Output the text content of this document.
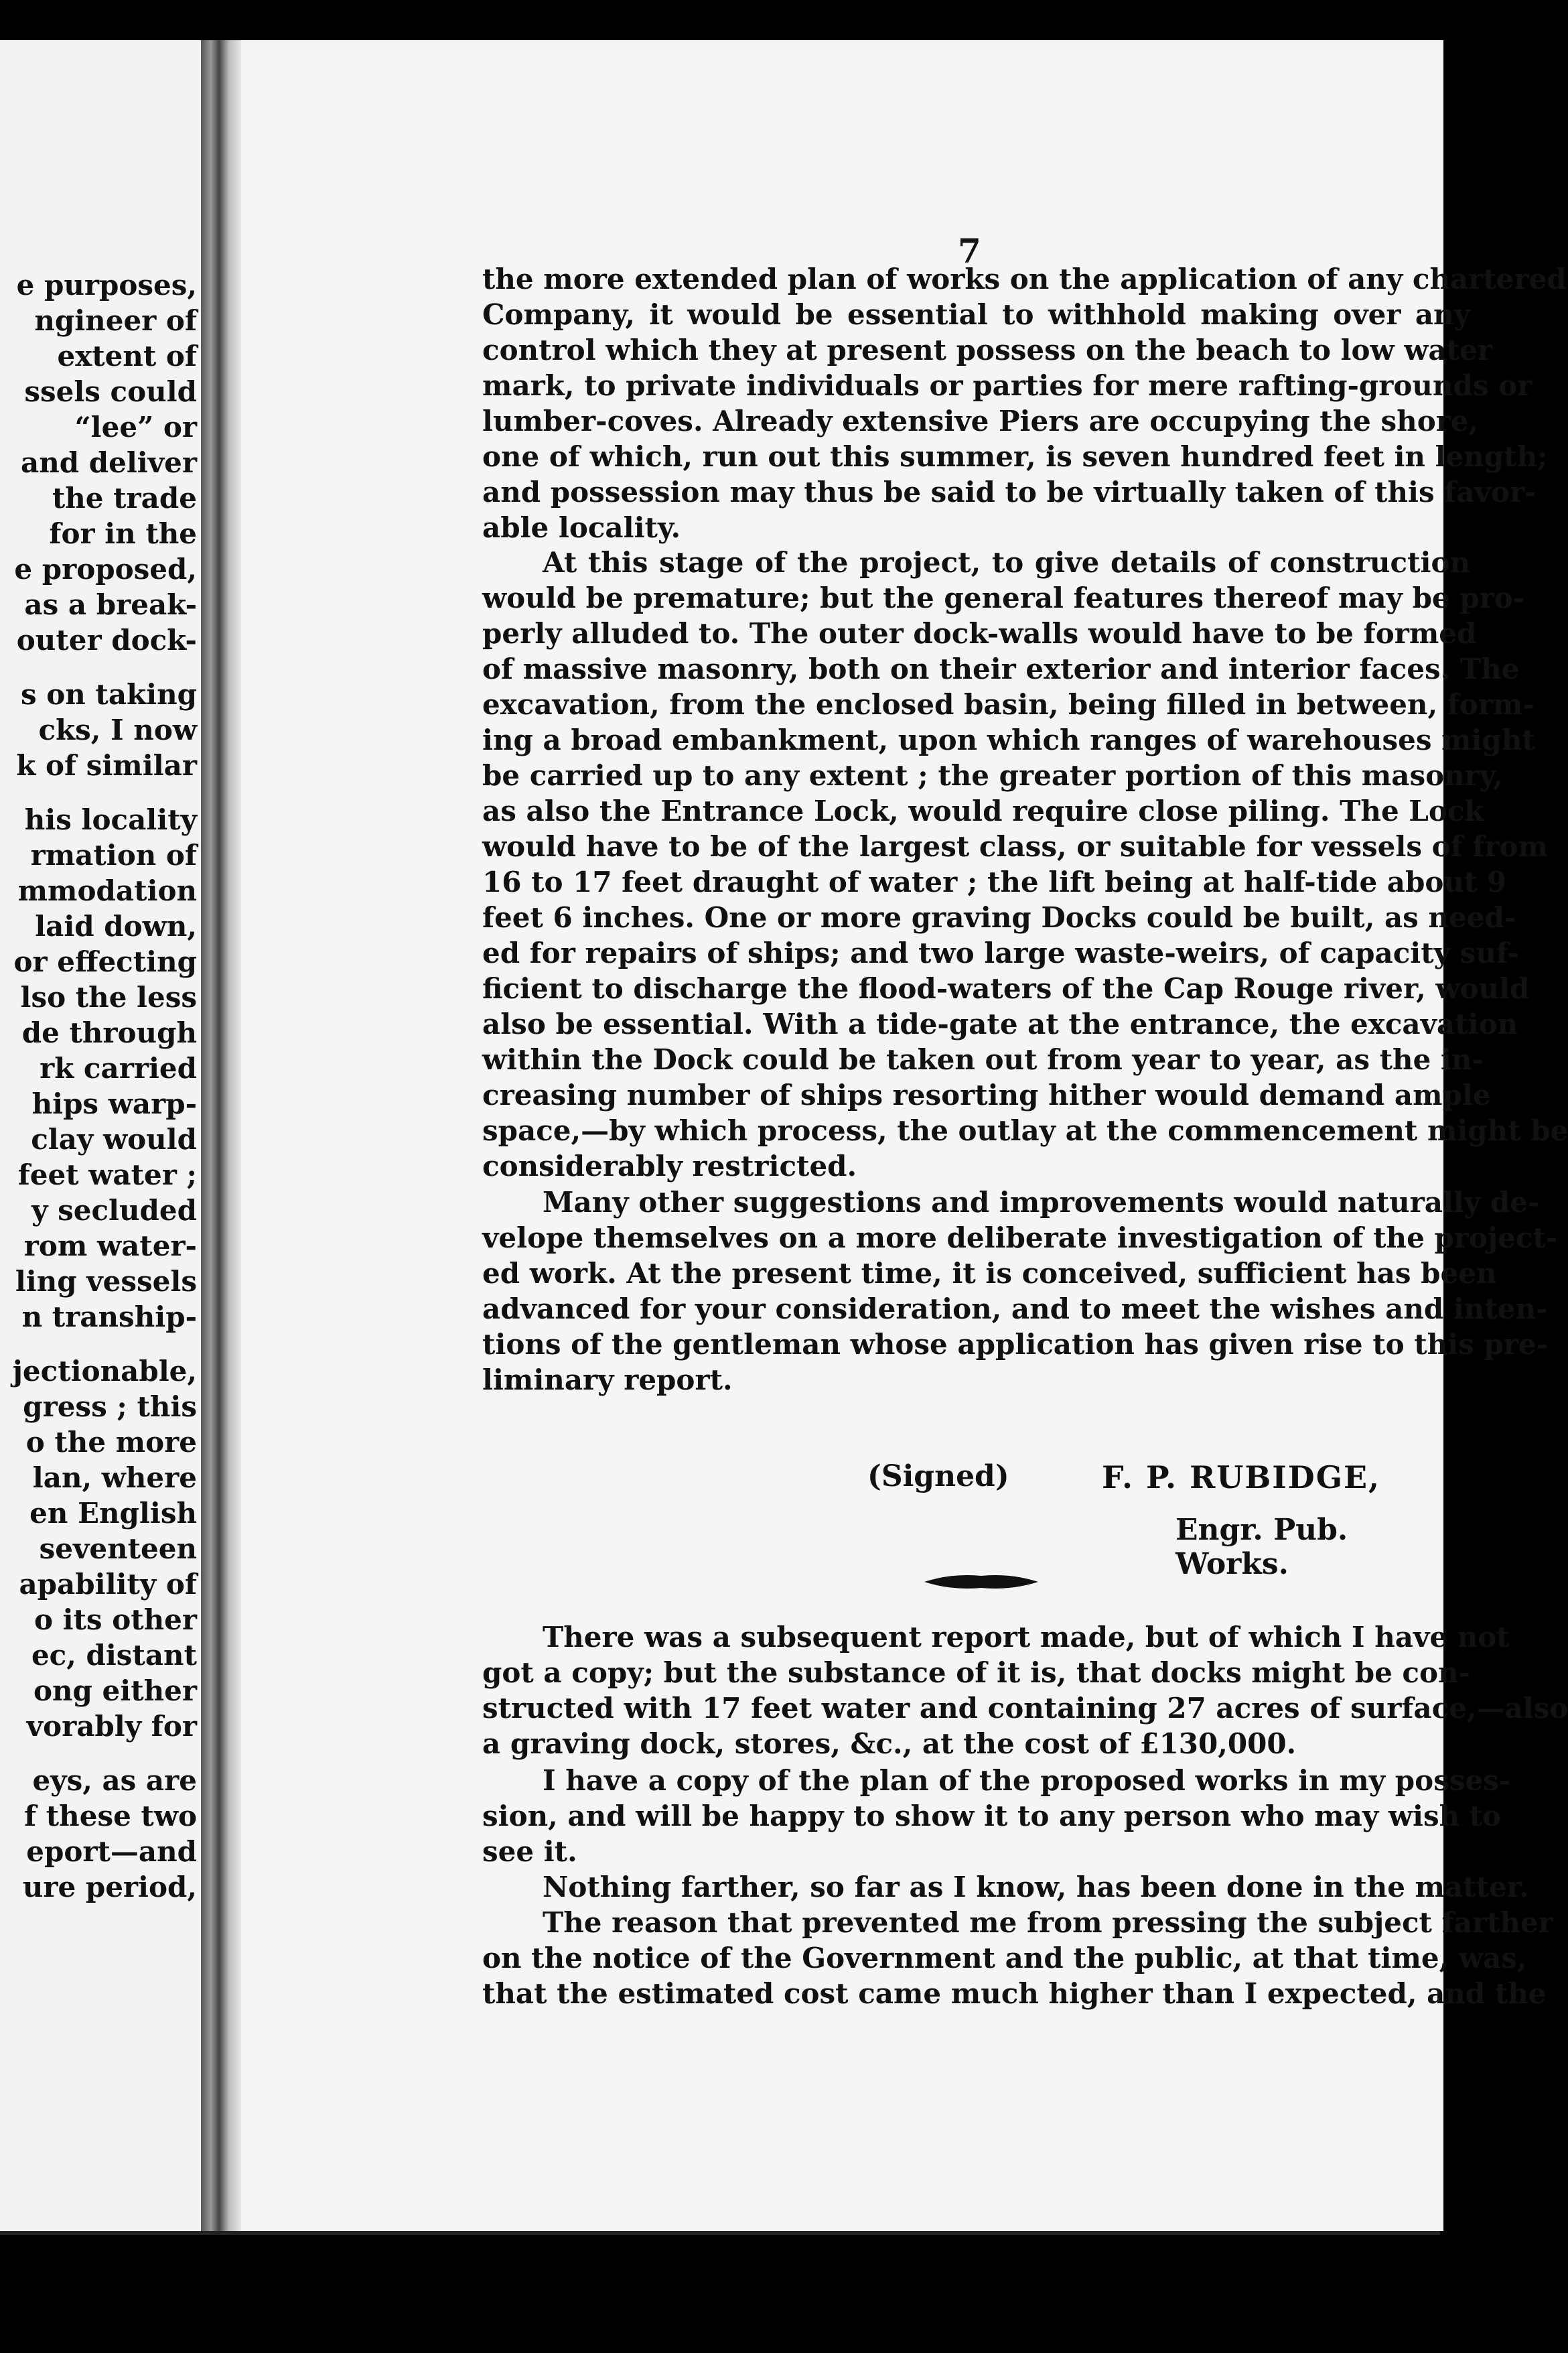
e purposes,
ngineer of
extent of
ssels could
“lee” or
and deliver
the trade
for in the
e proposed,
as a break-
outer dock-
s on taking
cks, I now
k of similar
his locality
rmation of
mmodation
laid down,
or effecting
lso the less
de through
rk carried
hips warp-
clay would
feet water ;
y secluded
rom water-
ling vessels
n tranship-
jectionable,
gress ; this
o the more
lan, where
en English
seventeen
apability of
o its other
ec, distant
ong either
vorably for
eys, as are
f these two
eport—and
ure period,
7
the more extended plan of works on the application of any chartered
Company, it would be essential to withhold making over any
control which they at present possess on the beach to low water
mark, to private individuals or parties for mere rafting-grounds or
lumber-coves. Already extensive Piers are occupying the shore,
one of which, run out this summer, is seven hundred feet in length;
and possession may thus be said to be virtually taken of this favor-
able locality.
At this stage of the project, to give details of construction
would be premature; but the general features thereof may be pro-
perly alluded to. The outer dock-walls would have to be formed
of massive masonry, both on their exterior and interior faces. The
excavation, from the enclosed basin, being filled in between, form-
ing a broad embankment, upon which ranges of warehouses might
be carried up to any extent ; the greater portion of this masonry,
as also the Entrance Lock, would require close piling. The Lock
would have to be of the largest class, or suitable for vessels of from
16 to 17 feet draught of water ; the lift being at half-tide about 9
feet 6 inches. One or more graving Docks could be built, as need-
ed for repairs of ships; and two large waste-weirs, of capacity suf-
ficient to discharge the flood-waters of the Cap Rouge river, would
also be essential. With a tide-gate at the entrance, the excavation
within the Dock could be taken out from year to year, as the in-
creasing number of ships resorting hither would demand ample
space,—by which process, the outlay at the commencement might be
considerably restricted.
Many other suggestions and improvements would naturally de-
velope themselves on a more deliberate investigation of the project-
ed work. At the present time, it is conceived, sufficient has been
advanced for your consideration, and to meet the wishes and inten-
tions of the gentleman whose application has given rise to this pre-
liminary report.
(Signed)	F. P. RUBIDGE,
Engr. Pub. Works.
There was a subsequent report made, but of which I have not
got a copy; but the substance of it is, that docks might be con-
structed with 17 feet water and containing 27 acres of surface,—also
a graving dock, stores, &c., at the cost of £130,000.
I have a copy of the plan of the proposed works in my posses-
sion, and will be happy to show it to any person who may wish to
see it.
Nothing farther, so far as I know, has been done in the matter.
The reason that prevented me from pressing the subject farther
on the notice of the Government and the public, at that time, was,
that the estimated cost came much higher than I expected, and the
